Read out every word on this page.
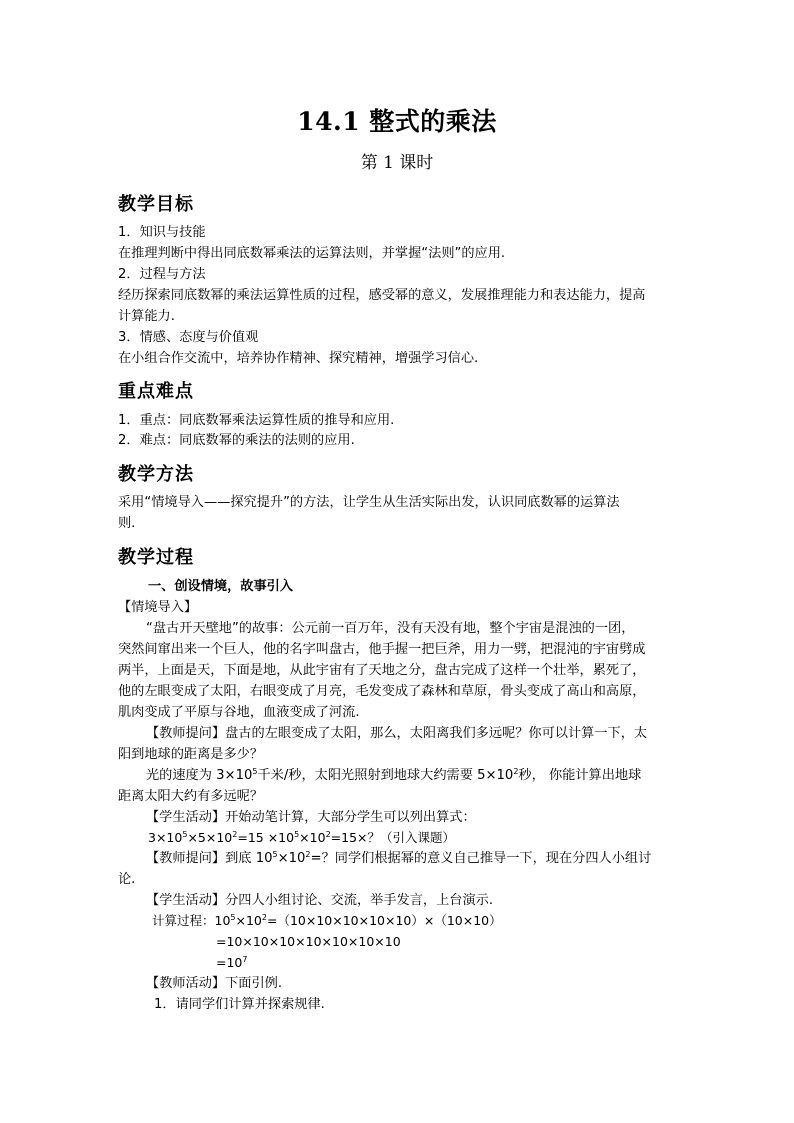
14.1 整式的乘法
第 1 课时
教学目标
1．知识与技能
在推理判断中得出同底数幂乘法的运算法则，并掌握“法则”的应用.
2．过程与方法
经历探索同底数幂的乘法运算性质的过程，感受幂的意义，发展推理能力和表达能力，提高
计算能力.
3．情感、态度与价值观
在小组合作交流中，培养协作精神、探究精神，增强学习信心.
重点难点
1．重点：同底数幂乘法运算性质的推导和应用.
2．难点：同底数幂的乘法的法则的应用.
教学方法
采用“情境导入——探究提升”的方法，让学生从生活实际出发，认识同底数幂的运算法
则.
教学过程
一、创设情境，故事引入
【情境导入】
“盘古开天壁地”的故事：公元前一百万年，没有天没有地，整个宇宙是混浊的一团，
突然间窜出来一个巨人，他的名字叫盘古，他手握一把巨斧，用力一劈，把混沌的宇宙劈成
两半，上面是天，下面是地，从此宇宙有了天地之分，盘古完成了这样一个壮举，累死了，
他的左眼变成了太阳，右眼变成了月亮，毛发变成了森林和草原，骨头变成了高山和高原，
肌肉变成了平原与谷地，血液变成了河流.
【教师提问】盘古的左眼变成了太阳，那么，太阳离我们多远呢？你可以计算一下，太
阳到地球的距离是多少？
光的速度为 $3\times 10^5$千米/秒，太阳光照射到地球大约需要 $5\times 10^2$秒， 你能计算出地球
距离太阳大约有多远呢？
【学生活动】开始动笔计算，大部分学生可以列出算式：
$3\times 10^5\times 5\times 10^2=15 \times 10^5\times 10^2=15\times$？（引入课题）
【教师提问】到底 $10^5\times 10^2=$？同学们根据幂的意义自己推导一下，现在分四人小组讨
论.
【学生活动】分四人小组讨论、交流，举手发言，上台演示.
计算过程：$10^5\times 10^2=(10\times 10\times 10\times 10\times 10)\times(10\times 10)$
=10×10×10×10×10×10×10
$=10^7$
【教师活动】下面引例.
1．请同学们计算并探索规律.
